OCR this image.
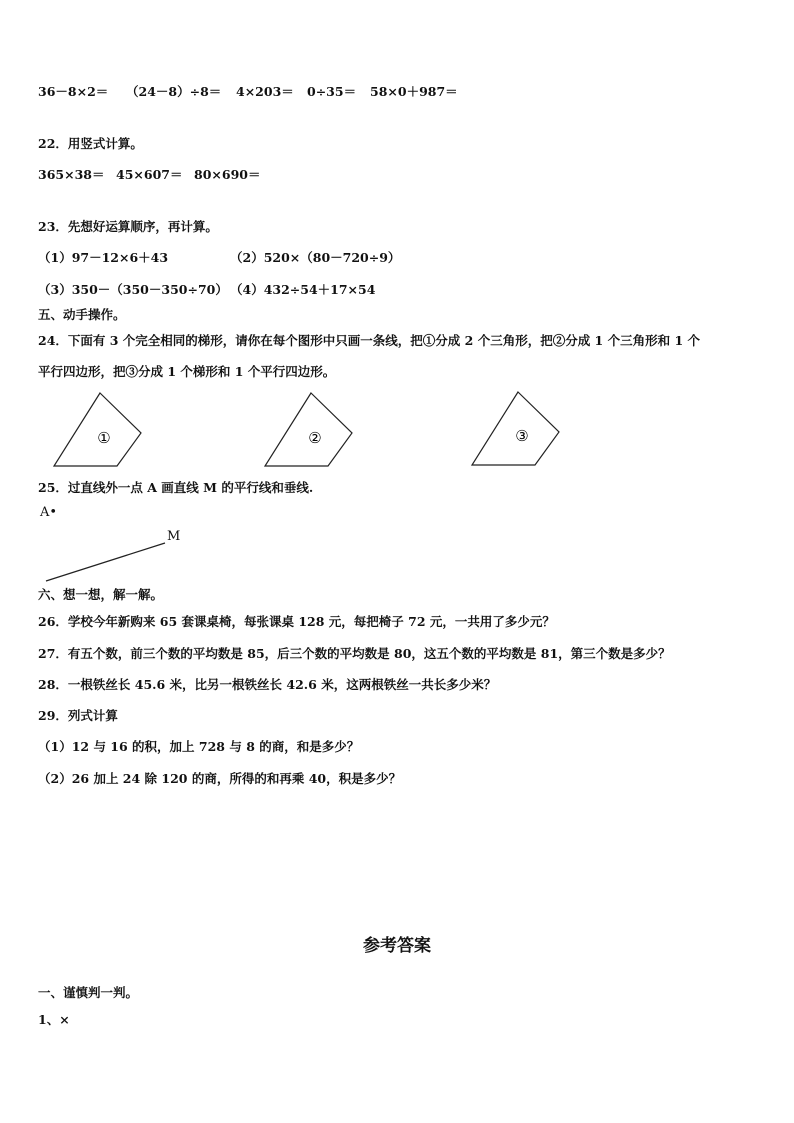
36－8×2＝ （24－8）÷8＝ 4×203＝ 0÷35＝ 58×0＋987＝
22．用竖式计算。
365×38＝ 45×607＝ 80×690＝
23．先想好运算顺序，再计算。
（1）97－12×6＋43	（2）520×（80－720÷9）
（3）350－（350－350÷70） （4）432÷54＋17×54
五、动手操作。
24．下面有 3 个完全相同的梯形，请你在每个图形中只画一条线，把①分成 2 个三角形，把②分成 1 个三角形和 1 个
平行四边形，把③分成 1 个梯形和 1 个平行四边形。
①	②	③
25．过直线外一点 A 画直线 M 的平行线和垂线.
A•
M
六、想一想，解一解。
26．学校今年新购来 65 套课桌椅，每张课桌 128 元，每把椅子 72 元，一共用了多少元？
27．有五个数，前三个数的平均数是 85，后三个数的平均数是 80，这五个数的平均数是 81，第三个数是多少？
28．一根铁丝长 45.6 米，比另一根铁丝长 42.6 米，这两根铁丝一共长多少米？
29．列式计算
（1）12 与 16 的积，加上 728 与 8 的商，和是多少？
（2）26 加上 24 除 120 的商，所得的和再乘 40，积是多少？
参考答案
一、谨慎判一判。
1、×
